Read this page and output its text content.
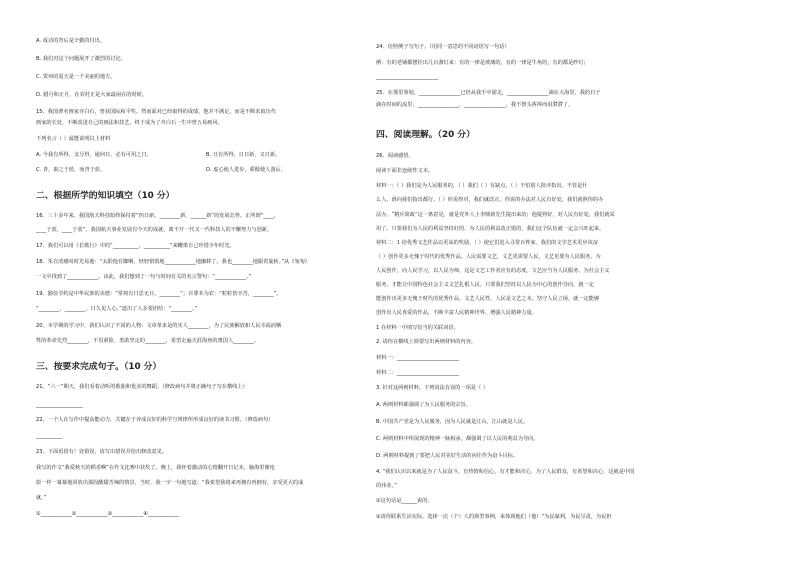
A. 成功的背后是辛勤的付出。
B. 我们对这个问题展开了激烈的讨论。
C. 贺州的夏天是一个美丽的地方。
D. 腊月和正月，在农村正是大家最闲在的时候。
15、我国著名画家齐白石，曾获国际和平奖。然而面对已经取得的成绩，他并不满足，而是不断求取历代
画家的长处，不断改进自己的画法和技艺，终于成为了齐白石一生中曾五易画风。
下列名言（ ）最能说明以上材料
A. 今我有所得，支分得，通何日，必有可用之日。	B. 日有所得，日日新，又日新。
C. 青，取之于蓝，而青于蓝。	D. 虚心使人进步，骄傲使人落后。
二、根据所学的知识填空（10 分）
16、三十多年来，我国航天科技始终保持着“四日新，________新，______新”的发展态势。正所谓“____，
____于蓝，____于蓝”，我国航天事业发展有今天的成就，离不开一代又一代科技人的不懈努力与创新。
17、我们可以用《长歌行》中的“__________，__________”来鞭策自己珍惜少年时光。
18、朱自清感叹时光易逝：“太阳他有脚啊，轻轻悄悄地____________地挪移了，我也________地跟着旋转。”从《匆匆》
一文中找到了____________。由此，我们想到了一句与时间有关的名言警句：“____________。”
19、勤俭节约是中华民族的美德：“常将有日思无日，________”；百尊本为农：“粒粒皆辛苦，________”。
“________，________，日久见人心。”道出了人多要团结：“________。”
20、本学期的学习中，我们认识了不同的人物：文章革求是的实人________，为了民族解放和人民幸福而牺
牲的革命先烈________，不畏艰险、勇敢坚定的________，希望走遍天涯海角的奥国人________。
三、按要求完成句子。（10 分）
21、“六一”期天，我们看着动听的歌曲和优美的舞蹈。（修改病句并将正确句子写在横线上）
__________________
22、一个人在写作中提高能动力，关键在于养成良好的科学与规律所形成良好的读书习惯。（修改病句）
__________
23、下面语段有！处错误，请写出错误并给出修改意见。
我写的作文“我爱秋天的稻香啊”在作文比赛中获奖了。晚上，我怀着激动的心情翻开日记本，脑海里像电
影一样一幕幕地回放出那段酸甜苦辣的情景，当时，我一字一句地写道：“我希望我将来再拥有再拥有，享受更大的成
就。”
①____________②____________③____________④____________
24、仿照例子写句子。（用同一意思的不同词语写一句话）
例：有的老铺都摆挂出几百盏灯来：有的一律是玻璃的，有的一律是牛角的，有的都是纱灯；
________________________
25、在那里筹划，________________已经从我手中溜走，________________滴在大海里，我的日子
滴在时间的流里，________________，________________，我不禁头涔涔而泪潸潸了。
四、阅读理解。（20 分）
26、阅读感悟。
阅读下面非连续性文本。
材料一：（ ）我们是为人民服务的，（ ）我们（ ）有缺点，（ ）不怕别人批评指出。不管是什
么人，谁向我们指出都行。（ ）你说得对，我们就改正。你说的办法对人民有好处，我们就照你的办
法办。“精兵简政”这一条意见，就是党外人士李鼎铭先生提出来的；他提得好，对人民有好处，我们就采
用了。只要我们为人民的利益坚持好的，为人民的利益改正错的，我们这个队伍就一定会兴旺起来。
材料二：1 给优秀文艺作品以更高的奖励，（ ）使它们进入寻常百姓家。我们的文学艺术更应该奋
（ ）创作更多无愧于时代的优秀作品。人民需要文艺，文艺更需要人民，文艺更要为人民服务。为
人民创作，向人民学习，以人民为师，这是文艺工作者应有的态度。文艺应当为人民服务、为社会主义
服务，才能让中国特色社会主义文艺扎根人民。只要我们坚持以人民为中心的创作导向，就一定
能创作出更多无愧于时代的优秀作品。文艺人民性，人民是文艺之本。坚守人民立场，就一定能够
创作出人民喜爱的作品，不断丰富人民精神世界，增强人民精神力量。
1 在材料一中填写恰当的关联词语。
2. 请你在横线上简要写出两则材料的内容。
材料一：________________________
材料二：________________________
3. 针对这两则材料，下列说法有误的一项是（ ）
A. 两则材料都强调了为人民服务的宗旨。
B. 中国共产党是为人民服务，因为人民就是江山，江山就是人民。
C. 两则材料中所展现的精神一脉相承，都强调了以人民的利益为导向。
D. 两则材料提到了要把人民对美好生活的向往作为奋斗目标。
4. “我们认识以来就是为了人民奋斗，有热情和信心，有才能和决心，为了人民群众，有希望和决心，这就是中国
的伟业。”
①这句话是______说的。
②请你联系生活实际，选择一次（个）人的典型事例，来体现他们（他）“为民谋利，为民尽责，为民担
